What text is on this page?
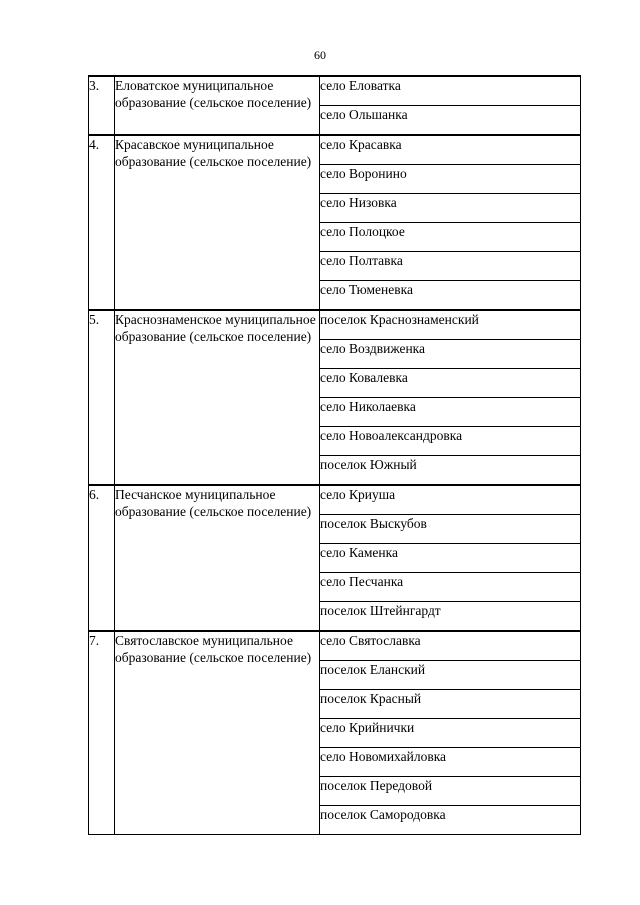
60
3.	Еловатское муниципальное образование (сельское поселение)	село Еловатка
		село Ольшанка
4.	Красавское муниципальное образование (сельское поселение)	село Красавка
		село Воронино
		село Низовка
		село Полоцкое
		село Полтавка
		село Тюменевка
5.	Краснознаменское муниципальное образование (сельское поселение)	поселок Краснознаменский
		село Воздвиженка
		село Ковалевка
		село Николаевка
		село Новоалександровка
		поселок Южный
6.	Песчанское муниципальное образование (сельское поселение)	село Криуша
		поселок Выскубов
		село Каменка
		село Песчанка
		поселок Штейнгардт
7.	Святославское муниципальное образование (сельское поселение)	село Святославка
		поселок Еланский
		поселок Красный
		село Крийнички
		село Новомихайловка
		поселок Передовой
		поселок Самородовка
